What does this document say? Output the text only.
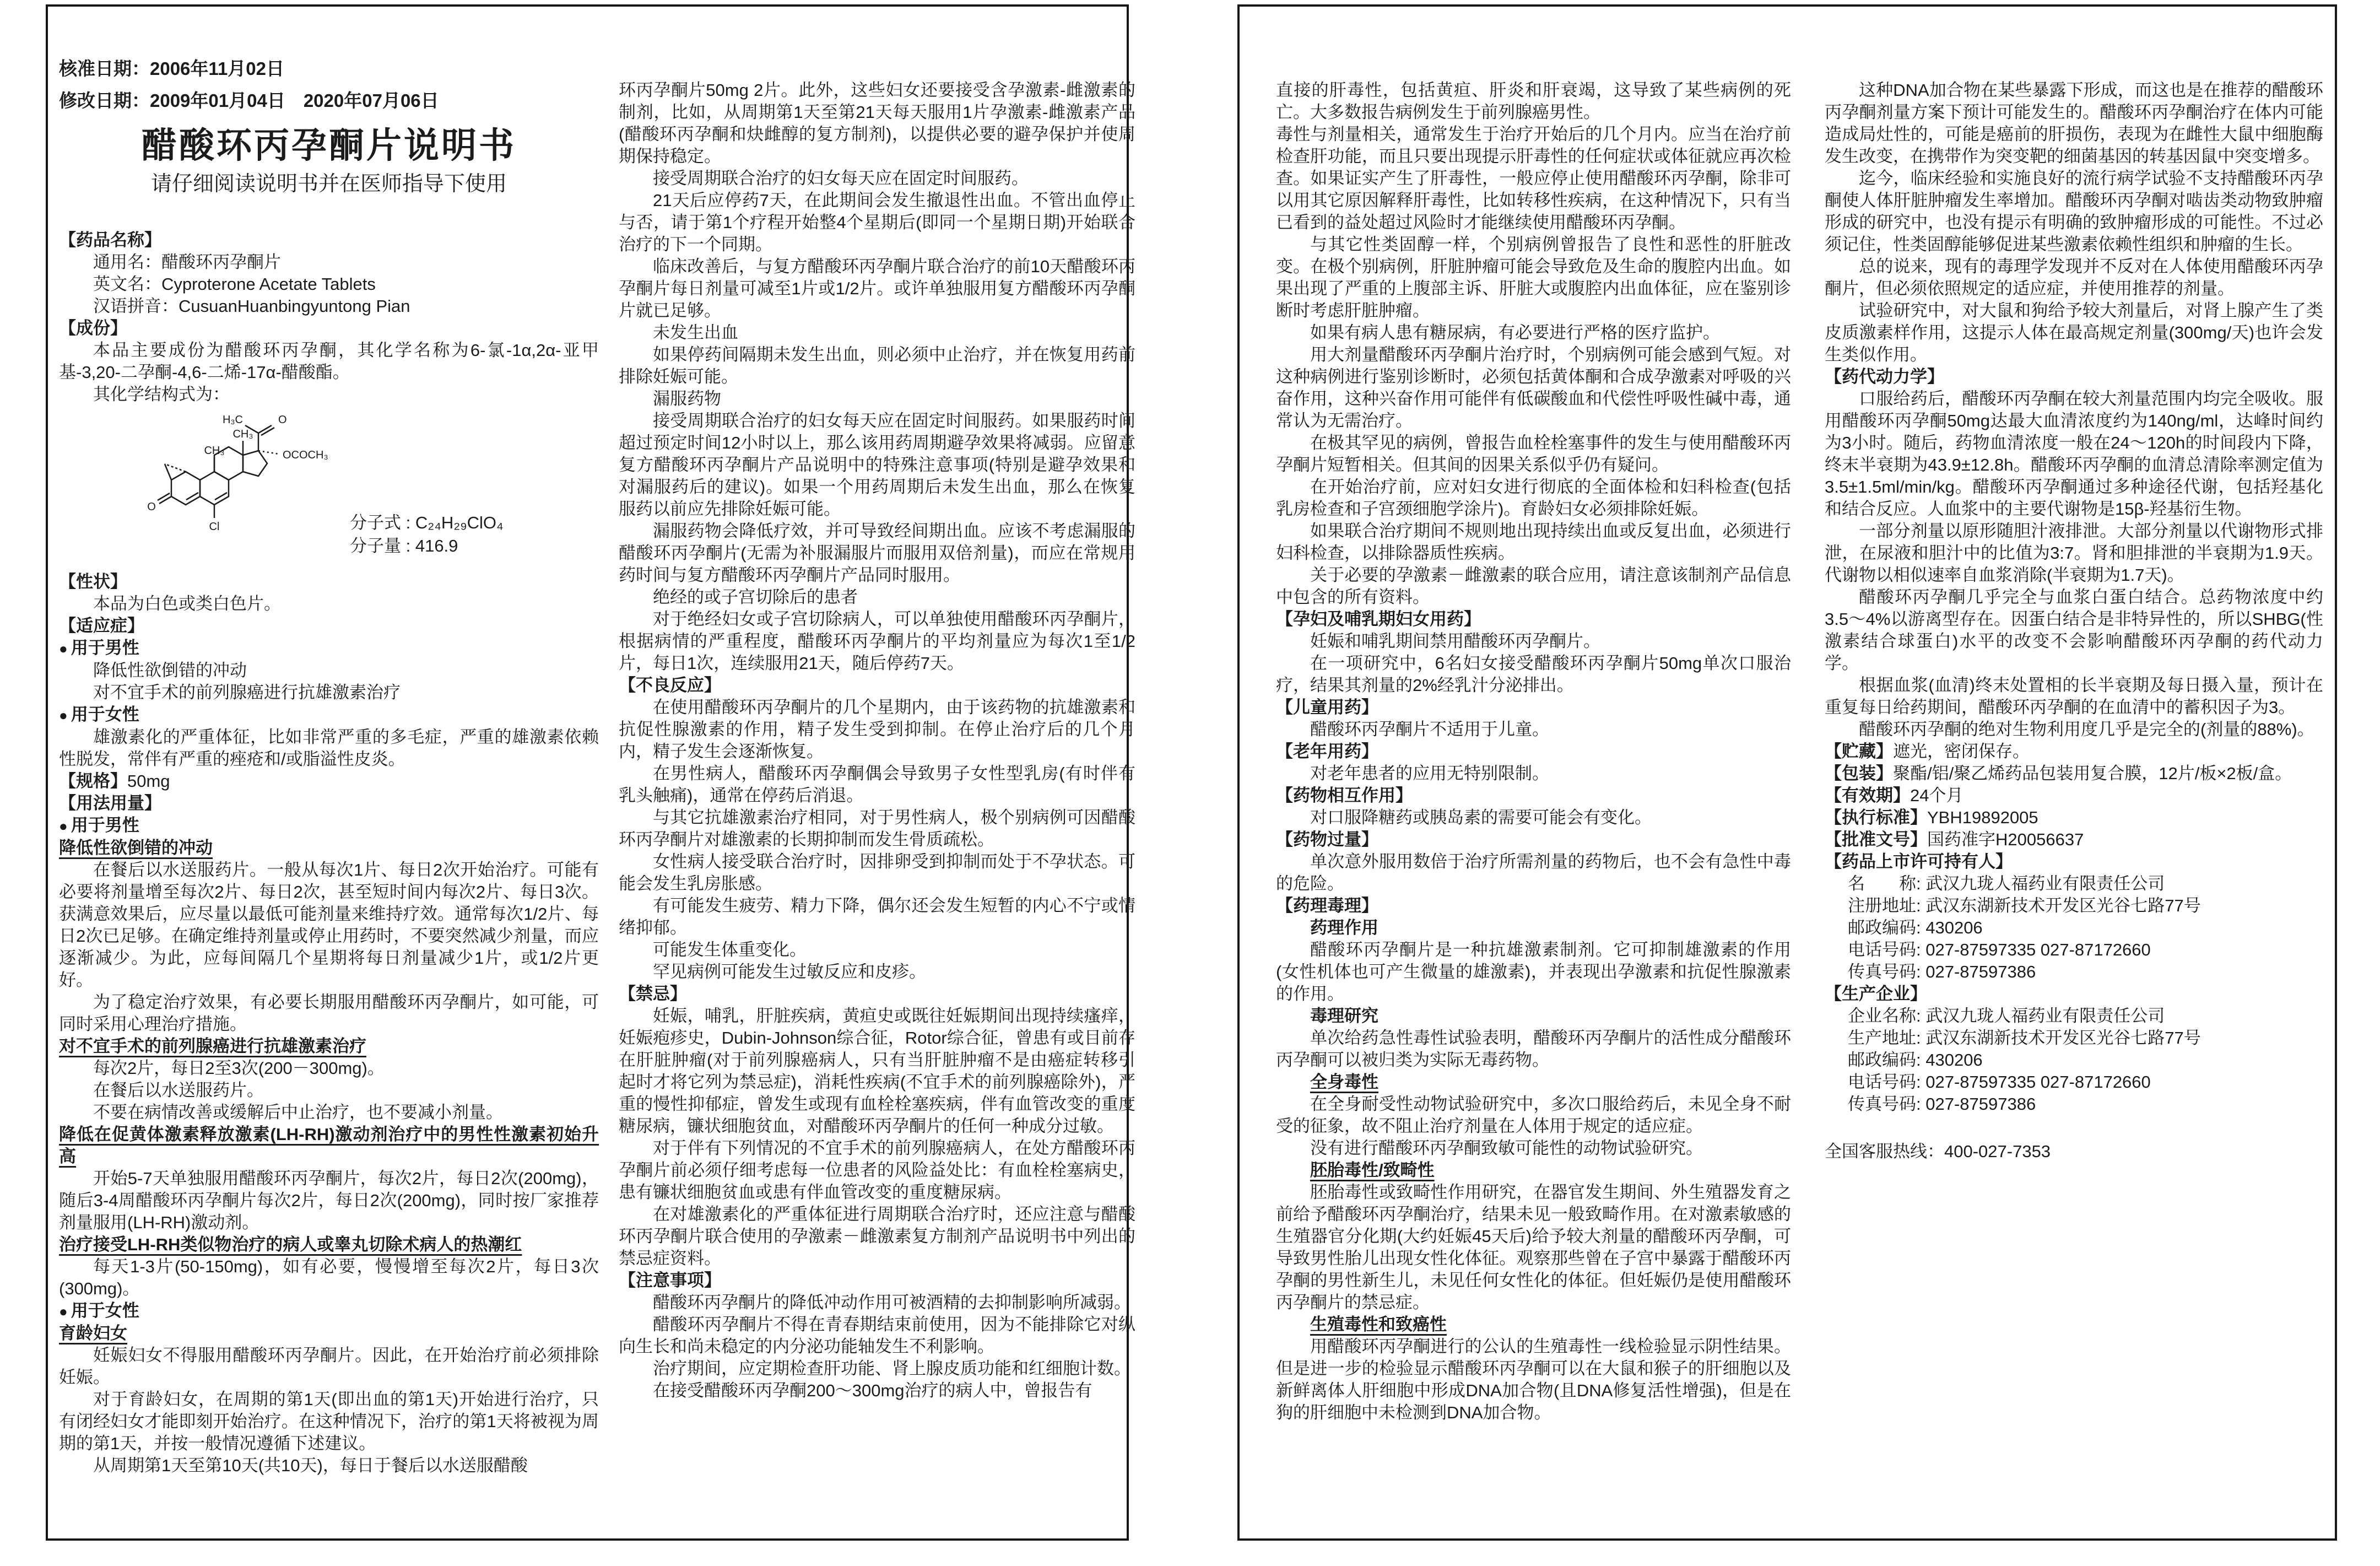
核准日期：2006年11月02日
修改日期：2009年01月04日　2020年07月06日
醋酸环丙孕酮片说明书
请仔细阅读说明书并在医师指导下使用
【药品名称】
通用名：醋酸环丙孕酮片
英文名：Cyproterone Acetate Tablets
汉语拼音：CusuanHuanbingyuntong Pian
【成份】
本品主要成份为醋酸环丙孕酮，其化学名称为6-氯-1α,2α-亚甲基-3,20-二孕酮-4,6-二烯-17α-醋酸酯。
其化学结构式为：
H₃C	O
OCOCH₃
CH₃
CH₃
O
Cl	分子式 : C₂₄H₂₉ClO₄
分子量 : 416.9
【性状】
本品为白色或类白色片。
【适应症】
● 用于男性
降低性欲倒错的冲动
对不宜手术的前列腺癌进行抗雄激素治疗
● 用于女性
雄激素化的严重体征，比如非常严重的多毛症，严重的雄激素依赖性脱发，常伴有严重的痤疮和/或脂溢性皮炎。
【规格】50mg
【用法用量】
● 用于男性
降低性欲倒错的冲动
在餐后以水送服药片。一般从每次1片、每日2次开始治疗。可能有必要将剂量增至每次2片、每日2次，甚至短时间内每次2片、每日3次。获满意效果后，应尽量以最低可能剂量来维持疗效。通常每次1/2片、每日2次已足够。在确定维持剂量或停止用药时，不要突然减少剂量，而应逐渐减少。为此，应每间隔几个星期将每日剂量减少1片，或1/2片更好。
为了稳定治疗效果，有必要长期服用醋酸环丙孕酮片，如可能，可同时采用心理治疗措施。
对不宜手术的前列腺癌进行抗雄激素治疗
每次2片，每日2至3次(200－300mg)。
在餐后以水送服药片。
不要在病情改善或缓解后中止治疗，也不要减小剂量。
降低在促黄体激素释放激素(LH-RH)激动剂治疗中的男性性激素初始升高
开始5-7天单独服用醋酸环丙孕酮片，每次2片，每日2次(200mg)，随后3-4周醋酸环丙孕酮片每次2片，每日2次(200mg)，同时按厂家推荐剂量服用(LH-RH)激动剂。
治疗接受LH-RH类似物治疗的病人或睾丸切除术病人的热潮红
每天1-3片(50-150mg)，如有必要，慢慢增至每次2片，每日3次(300mg)。
● 用于女性
育龄妇女
妊娠妇女不得服用醋酸环丙孕酮片。因此，在开始治疗前必须排除妊娠。
对于育龄妇女，在周期的第1天(即出血的第1天)开始进行治疗，只有闭经妇女才能即刻开始治疗。在这种情况下，治疗的第1天将被视为周期的第1天，并按一般情况遵循下述建议。
从周期第1天至第10天(共10天)，每日于餐后以水送服醋酸
环丙孕酮片50mg 2片。此外，这些妇女还要接受含孕激素-雌激素的制剂，比如，从周期第1天至第21天每天服用1片孕激素-雌激素产品(醋酸环丙孕酮和炔雌醇的复方制剂)，以提供必要的避孕保护并使周期保持稳定。
接受周期联合治疗的妇女每天应在固定时间服药。
21天后应停药7天，在此期间会发生撤退性出血。不管出血停止与否，请于第1个疗程开始整4个星期后(即同一个星期日期)开始联合治疗的下一个同期。
临床改善后，与复方醋酸环丙孕酮片联合治疗的前10天醋酸环丙孕酮片每日剂量可减至1片或1/2片。或许单独服用复方醋酸环丙孕酮片就已足够。
未发生出血
如果停药间隔期未发生出血，则必须中止治疗，并在恢复用药前排除妊娠可能。
漏服药物
接受周期联合治疗的妇女每天应在固定时间服药。如果服药时间超过预定时间12小时以上，那么该用药周期避孕效果将减弱。应留意复方醋酸环丙孕酮片产品说明中的特殊注意事项(特别是避孕效果和对漏服药后的建议)。如果一个用药周期后未发生出血，那么在恢复服药以前应先排除妊娠可能。
漏服药物会降低疗效，并可导致经间期出血。应该不考虑漏服的醋酸环丙孕酮片(无需为补服漏服片而服用双倍剂量)，而应在常规用药时间与复方醋酸环丙孕酮片产品同时服用。
绝经的或子宫切除后的患者
对于绝经妇女或子宫切除病人，可以单独使用醋酸环丙孕酮片，根据病情的严重程度，醋酸环丙孕酮片的平均剂量应为每次1至1/2片，每日1次，连续服用21天，随后停药7天。
【不良反应】
在使用醋酸环丙孕酮片的几个星期内，由于该药物的抗雄激素和抗促性腺激素的作用，精子发生受到抑制。在停止治疗后的几个月内，精子发生会逐渐恢复。
在男性病人，醋酸环丙孕酮偶会导致男子女性型乳房(有时伴有乳头触痛)，通常在停药后消退。
与其它抗雄激素治疗相同，对于男性病人，极个别病例可因醋酸环丙孕酮片对雄激素的长期抑制而发生骨质疏松。
女性病人接受联合治疗时，因排卵受到抑制而处于不孕状态。可能会发生乳房胀感。
有可能发生疲劳、精力下降，偶尔还会发生短暂的内心不宁或情绪抑郁。
可能发生体重变化。
罕见病例可能发生过敏反应和皮疹。
【禁忌】
妊娠，哺乳，肝脏疾病，黄疸史或既往妊娠期间出现持续瘙痒，妊娠疱疹史，Dubin-Johnson综合征，Rotor综合征，曾患有或目前存在肝脏肿瘤(对于前列腺癌病人，只有当肝脏肿瘤不是由癌症转移引起时才将它列为禁忌症)，消耗性疾病(不宜手术的前列腺癌除外)，严重的慢性抑郁症，曾发生或现有血栓栓塞疾病，伴有血管改变的重度糖尿病，镰状细胞贫血，对醋酸环丙孕酮片的任何一种成分过敏。
对于伴有下列情况的不宜手术的前列腺癌病人，在处方醋酸环丙孕酮片前必须仔细考虑每一位患者的风险益处比：有血栓栓塞病史，患有镰状细胞贫血或患有伴血管改变的重度糖尿病。
在对雄激素化的严重体征进行周期联合治疗时，还应注意与醋酸环丙孕酮片联合使用的孕激素－雌激素复方制剂产品说明书中列出的禁忌症资料。
【注意事项】
醋酸环丙孕酮片的降低冲动作用可被酒精的去抑制影响所减弱。
醋酸环丙孕酮片不得在青春期结束前使用，因为不能排除它对纵向生长和尚未稳定的内分泌功能轴发生不利影响。
治疗期间，应定期检查肝功能、肾上腺皮质功能和红细胞计数。
在接受醋酸环丙孕酮200～300mg治疗的病人中，曾报告有
直接的肝毒性，包括黄疸、肝炎和肝衰竭，这导致了某些病例的死亡。大多数报告病例发生于前列腺癌男性。
毒性与剂量相关，通常发生于治疗开始后的几个月内。应当在治疗前检查肝功能，而且只要出现提示肝毒性的任何症状或体征就应再次检查。如果证实产生了肝毒性，一般应停止使用醋酸环丙孕酮，除非可以用其它原因解释肝毒性，比如转移性疾病，在这种情况下，只有当已看到的益处超过风险时才能继续使用醋酸环丙孕酮。
与其它性类固醇一样，个别病例曾报告了良性和恶性的肝脏改变。在极个别病例，肝脏肿瘤可能会导致危及生命的腹腔内出血。如果出现了严重的上腹部主诉、肝脏大或腹腔内出血体征，应在鉴别诊断时考虑肝脏肿瘤。
如果有病人患有糖尿病，有必要进行严格的医疗监护。
用大剂量醋酸环丙孕酮片治疗时，个别病例可能会感到气短。对这种病例进行鉴别诊断时，必须包括黄体酮和合成孕激素对呼吸的兴奋作用，这种兴奋作用可能伴有低碳酸血和代偿性呼吸性碱中毒，通常认为无需治疗。
在极其罕见的病例，曾报告血栓栓塞事件的发生与使用醋酸环丙孕酮片短暂相关。但其间的因果关系似乎仍有疑问。
在开始治疗前，应对妇女进行彻底的全面体检和妇科检查(包括乳房检查和子宫颈细胞学涂片)。育龄妇女必须排除妊娠。
如果联合治疗期间不规则地出现持续出血或反复出血，必须进行妇科检查，以排除器质性疾病。
关于必要的孕激素－雌激素的联合应用，请注意该制剂产品信息中包含的所有资料。
【孕妇及哺乳期妇女用药】
妊娠和哺乳期间禁用醋酸环丙孕酮片。
在一项研究中，6名妇女接受醋酸环丙孕酮片50mg单次口服治疗，结果其剂量的2%经乳汁分泌排出。
【儿童用药】
醋酸环丙孕酮片不适用于儿童。
【老年用药】
对老年患者的应用无特别限制。
【药物相互作用】
对口服降糖药或胰岛素的需要可能会有变化。
【药物过量】
单次意外服用数倍于治疗所需剂量的药物后，也不会有急性中毒的危险。
【药理毒理】
药理作用
醋酸环丙孕酮片是一种抗雄激素制剂。它可抑制雄激素的作用(女性机体也可产生微量的雄激素)，并表现出孕激素和抗促性腺激素的作用。
毒理研究
单次给药急性毒性试验表明，醋酸环丙孕酮片的活性成分醋酸环丙孕酮可以被归类为实际无毒药物。
全身毒性
在全身耐受性动物试验研究中，多次口服给药后，未见全身不耐受的征象，故不阻止治疗剂量在人体用于规定的适应症。
没有进行醋酸环丙孕酮致敏可能性的动物试验研究。
胚胎毒性/致畸性
胚胎毒性或致畸性作用研究，在器官发生期间、外生殖器发育之前给予醋酸环丙孕酮治疗，结果未见一般致畸作用。在对激素敏感的生殖器官分化期(大约妊娠45天后)给予较大剂量的醋酸环丙孕酮，可导致男性胎儿出现女性化体征。观察那些曾在子宫中暴露于醋酸环丙孕酮的男性新生儿，未见任何女性化的体征。但妊娠仍是使用醋酸环丙孕酮片的禁忌症。
生殖毒性和致癌性
用醋酸环丙孕酮进行的公认的生殖毒性一线检验显示阴性结果。但是进一步的检验显示醋酸环丙孕酮可以在大鼠和猴子的肝细胞以及新鲜离体人肝细胞中形成DNA加合物(且DNA修复活性增强)，但是在狗的肝细胞中未检测到DNA加合物。
这种DNA加合物在某些暴露下形成，而这也是在推荐的醋酸环丙孕酮剂量方案下预计可能发生的。醋酸环丙孕酮治疗在体内可能造成局灶性的，可能是癌前的肝损伤，表现为在雌性大鼠中细胞酶发生改变，在携带作为突变靶的细菌基因的转基因鼠中突变增多。
迄今，临床经验和实施良好的流行病学试验不支持醋酸环丙孕酮使人体肝脏肿瘤发生率增加。醋酸环丙孕酮对啮齿类动物致肿瘤形成的研究中，也没有提示有明确的致肿瘤形成的可能性。不过必须记住，性类固醇能够促进某些激素依赖性组织和肿瘤的生长。
总的说来，现有的毒理学发现并不反对在人体使用醋酸环丙孕酮片，但必须依照规定的适应症，并使用推荐的剂量。
试验研究中，对大鼠和狗给予较大剂量后，对肾上腺产生了类皮质激素样作用，这提示人体在最高规定剂量(300mg/天)也许会发生类似作用。
【药代动力学】
口服给药后，醋酸环丙孕酮在较大剂量范围内均完全吸收。服用醋酸环丙孕酮50mg达最大血清浓度约为140ng/ml，达峰时间约为3小时。随后，药物血清浓度一般在24～120h的时间段内下降，终末半衰期为43.9±12.8h。醋酸环丙孕酮的血清总清除率测定值为3.5±1.5ml/min/kg。醋酸环丙孕酮通过多种途径代谢，包括羟基化和结合反应。人血浆中的主要代谢物是15β-羟基衍生物。
一部分剂量以原形随胆汁液排泄。大部分剂量以代谢物形式排泄，在尿液和胆汁中的比值为3:7。肾和胆排泄的半衰期为1.9天。代谢物以相似速率自血浆消除(半衰期为1.7天)。
醋酸环丙孕酮几乎完全与血浆白蛋白结合。总药物浓度中约3.5～4%以游离型存在。因蛋白结合是非特异性的，所以SHBG(性激素结合球蛋白)水平的改变不会影响醋酸环丙孕酮的药代动力学。
根据血浆(血清)终末处置相的长半衰期及每日摄入量，预计在重复每日给药期间，醋酸环丙孕酮的在血清中的蓄积因子为3。
醋酸环丙孕酮的绝对生物利用度几乎是完全的(剂量的88%)。
【贮藏】遮光，密闭保存。
【包装】聚酯/铝/聚乙烯药品包装用复合膜，12片/板×2板/盒。
【有效期】24个月
【执行标准】YBH19892005
【批准文号】国药准字H20056637
【药品上市许可持有人】
名　　称: 武汉九珑人福药业有限责任公司
注册地址: 武汉东湖新技术开发区光谷七路77号
邮政编码: 430206
电话号码: 027-87597335 027-87172660
传真号码: 027-87597386
【生产企业】
企业名称: 武汉九珑人福药业有限责任公司
生产地址: 武汉东湖新技术开发区光谷七路77号
邮政编码: 430206
电话号码: 027-87597335 027-87172660
传真号码: 027-87597386
全国客服热线：400-027-7353
